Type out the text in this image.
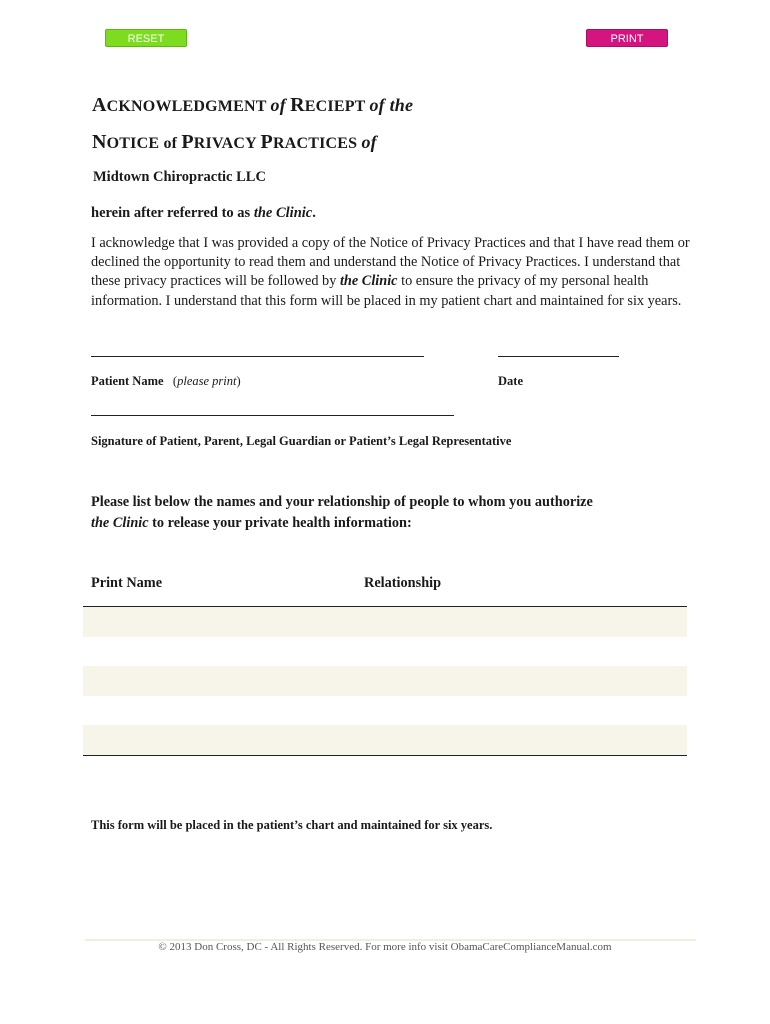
RESET	PRINT
ACKNOWLEDGMENT of RECIEPT of the
NOTICE of PRIVACY PRACTICES of
Midtown Chiropractic LLC
herein after referred to as the Clinic.
I acknowledge that I was provided a copy of the Notice of Privacy Practices and that I have read them or declined the opportunity to read them and understand the Notice of Privacy Practices. I understand that these privacy practices will be followed by the Clinic to ensure the privacy of my personal health information. I understand that this form will be placed in my patient chart and maintained for six years.
Patient Name (please print)	Date
Signature of Patient, Parent, Legal Guardian or Patient’s Legal Representative
Please list below the names and your relationship of people to whom you authorize
the Clinic to release your private health information:
Print Name	Relationship
This form will be placed in the patient’s chart and maintained for six years.
© 2013 Don Cross, DC - All Rights Reserved. For more info visit ObamaCareComplianceManual.com
